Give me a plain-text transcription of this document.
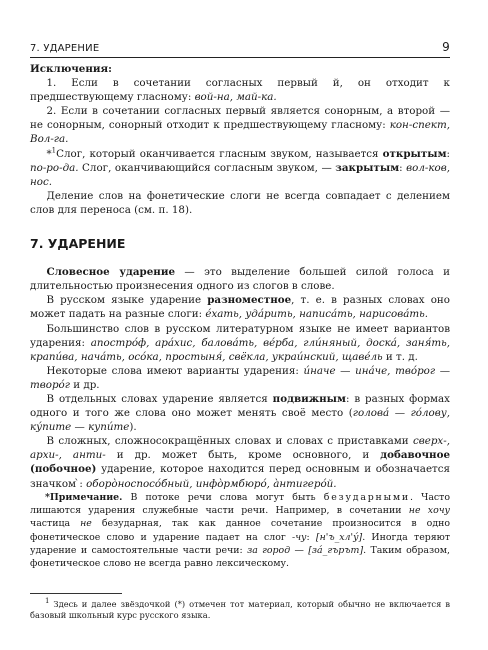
7. УДАРЕНИЕ	9

Исключения:

1. Если в сочетании согласных первый й, он отходит к предшествующему гласному: вой-на, май-ка.

2. Если в сочетании согласных первый является сонорным, а второй — не сонорным, сонорный отходит к предшествующему гласному: кон-спект, Вол-га.

*$^1$Слог, который оканчивается гласным звуком, называется открытым: по-ро-да. Слог, оканчивающийся согласным звуком, — закрытым: вол-ков, нос.

Деление слов на фонетические слоги не всегда совпадает с делением слов для переноса (см. п. 18).

7. УДАРЕНИЕ

Словесное ударение — это выделение большей силой голоса и длительностью произнесения одного из слогов в слове.

В русском языке ударение разноместное, т. е. в разных словах оно может падать на разные слоги: е́хать, уда́рить, написа́ть, нарисова́ть.

Большинство слов в русском литературном языке не имеет вариантов ударения: апостро́ф, ара́хис, балова́ть, ве́рба, гли́няный, доска́, заня́ть, крапи́ва, нача́ть, осо́ка, простыня́, свёкла, украи́нский, щаве́ль и т. д.

Некоторые слова имеют варианты ударения: и́наче — ина́че, тво́рог — творо́г и др.

В отдельных словах ударение является подвижным: в разных формах одного и того же слова оно может менять своё место (голова́ — го́лову, ку́пите — купи́те).

В сложных, сложносокращённых словах и словах с приставками сверх-, архи-, анти- и др. может быть, кроме основного, и добавочное (побочное) ударение, которое находится перед основным и обозначается значком ̀: оборо̀носпосо́бный, инфо̀рмбюро́, а̀нтигеро́й.

*Примечание. В потоке речи слова могут быть безударными. Часто лишаются ударения служебные части речи. Например, в сочетании не хочу частица не безударная, так как данное сочетание произносится в одно фонетическое слово и ударение падает на слог -чу: [н'ъ_хл'у́]. Иногда теряют ударение и самостоятельные части речи: за город — [за́_гърът]. Таким образом, фонетическое слово не всегда равно лексическому.

$^1$ Здесь и далее звёздочкой (*) отмечен тот материал, который обычно не включается в базовый школьный курс русского языка.
